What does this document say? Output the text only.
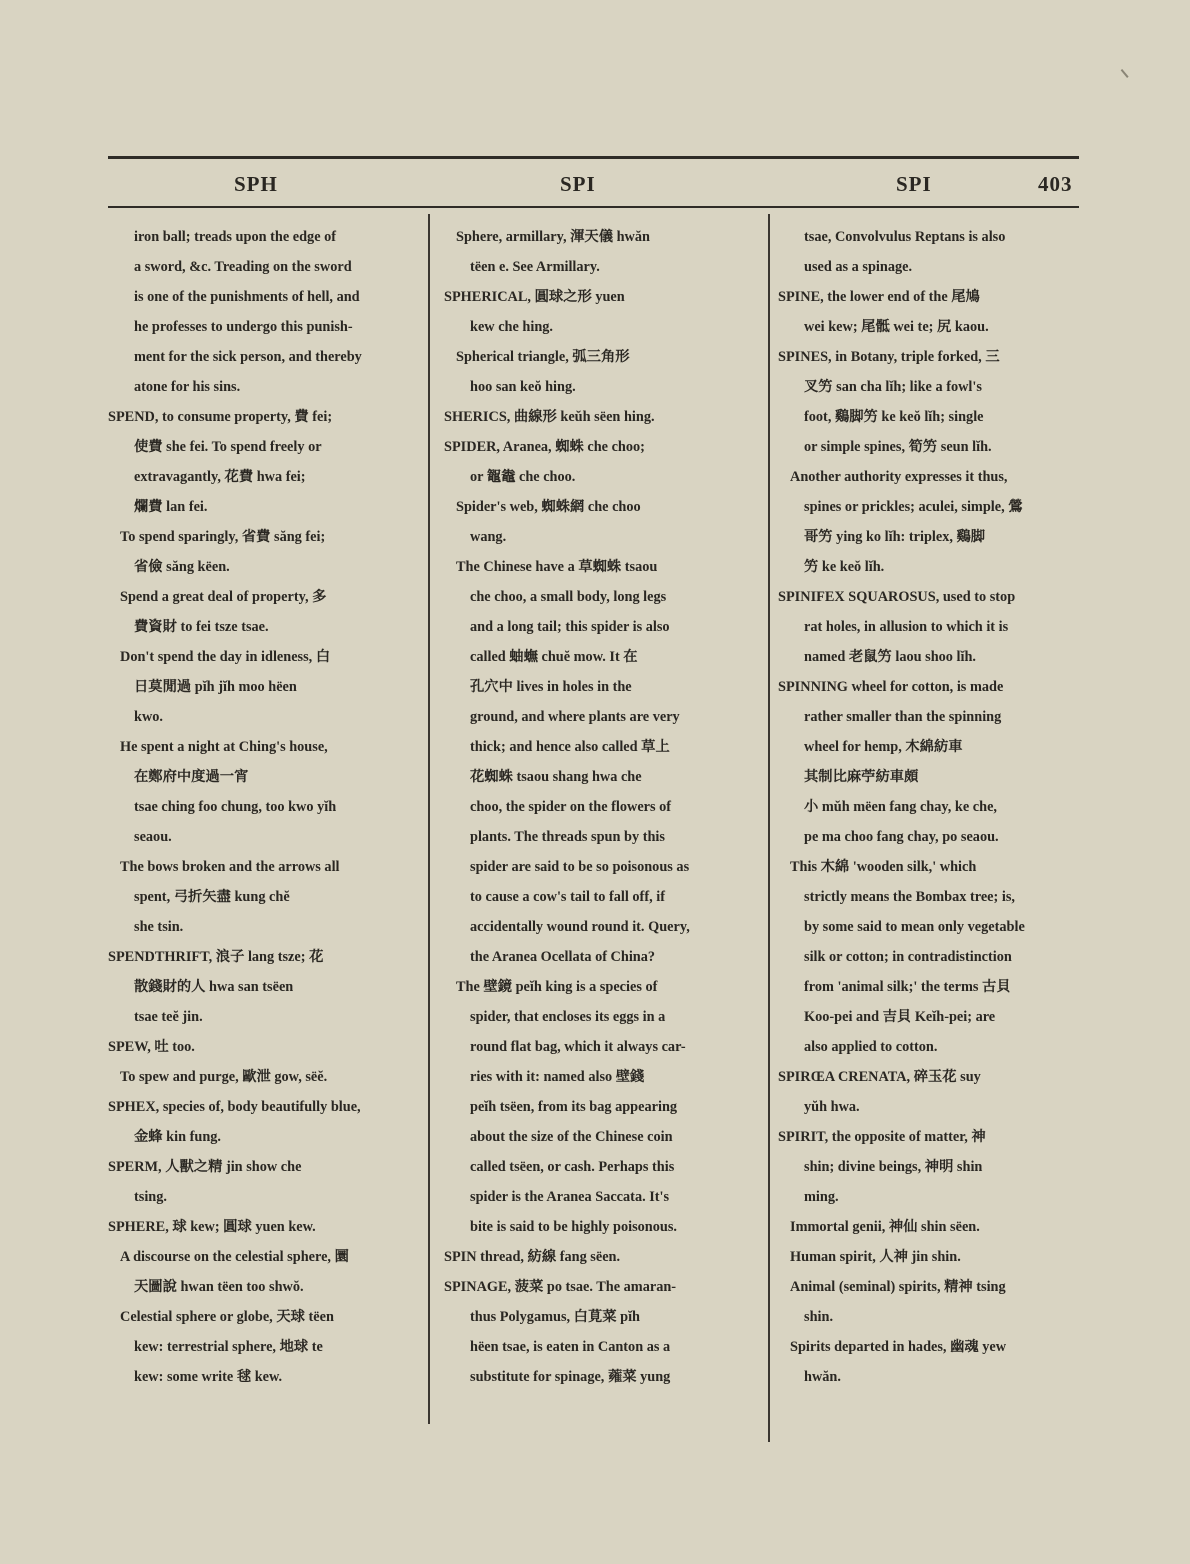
SPH	SPI	SPI	403

iron ball; treads upon the edge of
a sword, &c. Treading on the sword
is one of the punishments of hell, and
he professes to undergo this punish-
ment for the sick person, and thereby
atone for his sins.

SPEND, to consume property, 費 fei;
使費 she fei. To spend freely or
extravagantly, 花費 hwa fei;
爛費 lan fei.

To spend sparingly, 省費 săng fei;
省儉 săng këen.

Spend a great deal of property, 多
費資財 to fei tsze tsae.

Don't spend the day in idleness, 白
日莫閒過 pĭh jĭh moo hëen
kwo.

He spent a night at Ching's house,
在鄭府中度過一宵
tsae ching foo chung, too kwo yĭh
seaou.

The bows broken and the arrows all
spent, 弓折矢盡 kung chĕ
she tsin.

SPENDTHRIFT, 浪子 lang tsze; 花
散錢財的人 hwa san tsëen
tsae teĕ jin.

SPEW, 吐 too.

To spew and purge, 歐泄 gow, sëĕ.

SPHEX, species of, body beautifully blue,
金蜂 kin fung.

SPERM, 人獸之精 jin show che
tsing.

SPHERE, 球 kew; 圓球 yuen kew.

A discourse on the celestial sphere, 圜
天圖說 hwan tëen too shwŏ.

Celestial sphere or globe, 天球 tëen
kew: terrestrial sphere, 地球 te
kew: some write 毬 kew.

Sphere, armillary, 渾天儀 hwăn
tëen e. See Armillary.

SPHERICAL, 圓球之形 yuen
kew che hing.

Spherical triangle, 弧三角形
hoo san keŏ hing.

SHERICS, 曲線形 keŭh sëen hing.

SPIDER, Aranea, 蜘蛛 che choo;
or 鼅鼄 che choo.

Spider's web, 蜘蛛網 che choo
wang.

The Chinese have a 草蜘蛛 tsaou
che choo, a small body, long legs
and a long tail; this spider is also
called 蚰蟱 chuĕ mow. It 在
孔穴中 lives in holes in the
ground, and where plants are very
thick; and hence also called 草上
花蜘蛛 tsaou shang hwa che
choo, the spider on the flowers of
plants. The threads spun by this
spider are said to be so poisonous as
to cause a cow's tail to fall off, if
accidentally wound round it. Query,
the Aranea Ocellata of China?

The 壁鏡 peĭh king is a species of
spider, that encloses its eggs in a
round flat bag, which it always car-
ries with it: named also 壁錢
peĭh tsëen, from its bag appearing
about the size of the Chinese coin
called tsëen, or cash. Perhaps this
spider is the Aranea Saccata. It's
bite is said to be highly poisonous.

SPIN thread, 紡線 fang sëen.

SPINAGE, 菠菜 po tsae. The amaran-
thus Polygamus, 白莧菜 pĭh
hëen tsae, is eaten in Canton as a
substitute for spinage, 蕹菜 yung

tsae, Convolvulus Reptans is also
used as a spinage.

SPINE, the lower end of the 尾鳩
wei kew; 尾骶 wei te; 尻 kaou.

SPINES, in Botany, triple forked, 三
叉竻 san cha lĭh; like a fowl's
foot, 鷄脚竻 ke keŏ lĭh; single
or simple spines, 筍竻 seun lĭh.

Another authority expresses it thus,
spines or prickles; aculei, simple, 鶯
哥竻 ying ko lĭh: triplex, 鷄脚
竻 ke keŏ lĭh.

SPINIFEX SQUAROSUS, used to stop
rat holes, in allusion to which it is
named 老鼠竻 laou shoo lĭh.

SPINNING wheel for cotton, is made
rather smaller than the spinning
wheel for hemp, 木綿紡車
其制比麻苧紡車頗
小 mŭh mëen fang chay, ke che,
pe ma choo fang chay, po seaou.

This 木綿 'wooden silk,' which
strictly means the Bombax tree; is,
by some said to mean only vegetable
silk or cotton; in contradistinction
from 'animal silk;' the terms 古貝
Koo-pei and 吉貝 Keĭh-pei; are
also applied to cotton.

SPIRŒA CRENATA, 碎玉花 suy
yŭh hwa.

SPIRIT, the opposite of matter, 神
shin; divine beings, 神明 shin
ming.

Immortal genii, 神仙 shin sëen.

Human spirit, 人神 jin shin.

Animal (seminal) spirits, 精神 tsing
shin.

Spirits departed in hades, 幽魂 yew
hwăn.
